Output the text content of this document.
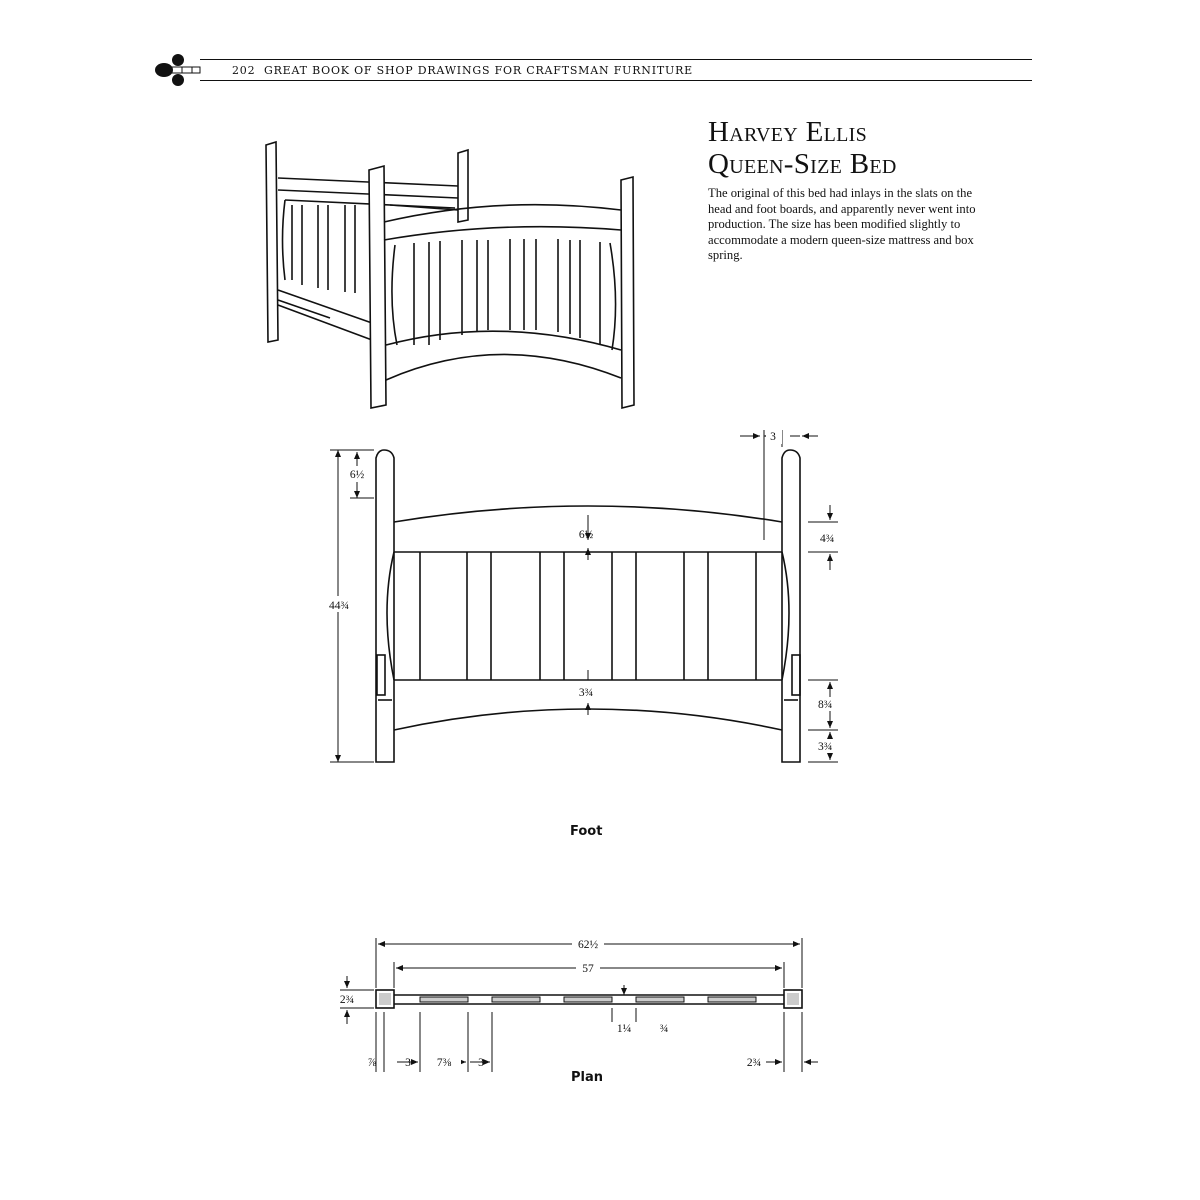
202 GREAT BOOK OF SHOP DRAWINGS FOR CRAFTSMAN FURNITURE
Harvey Ellis
Queen-Size Bed
The original of this bed had inlays in the slats on the head and foot boards, and apparently never went into production. The size has been modified slightly to accommodate a modern queen-size mattress and box spring.
44¾
6½
3
6½	4¾
3¾
8¾
3¾
62½
57
2¾
1¼ ¾
⅞	3 7⅜ 3	2¾
Foot
Plan
